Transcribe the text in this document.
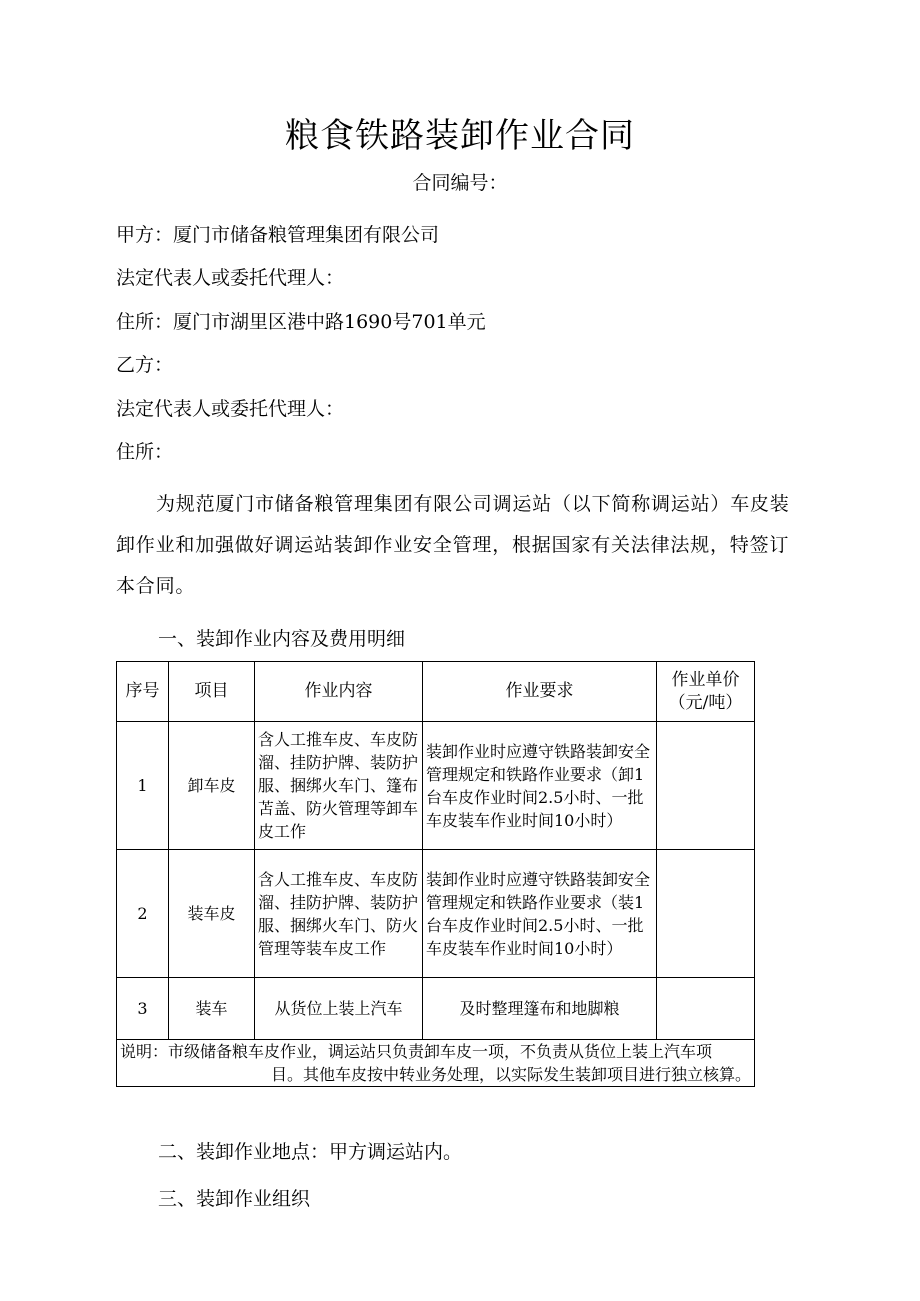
粮食铁路装卸作业合同
合同编号：
甲方：厦门市储备粮管理集团有限公司
法定代表人或委托代理人：
住所：厦门市湖里区港中路1690号701单元
乙方：
法定代表人或委托代理人：
住所：
为规范厦门市储备粮管理集团有限公司调运站（以下简称调运站）车皮装卸作业和加强做好调运站装卸作业安全管理，根据国家有关法律法规，特签订本合同。
一、装卸作业内容及费用明细
序号	项目	作业内容	作业要求	作业单价（元/吨）
1	卸车皮	含人工推车皮、车皮防溜、挂防护牌、装防护服、捆绑火车门、篷布苫盖、防火管理等卸车皮工作	装卸作业时应遵守铁路装卸安全管理规定和铁路作业要求（卸1台车皮作业时间2.5小时、一批车皮装车作业时间10小时）	
2	装车皮	含人工推车皮、车皮防溜、挂防护牌、装防护服、捆绑火车门、防火管理等装车皮工作	装卸作业时应遵守铁路装卸安全管理规定和铁路作业要求（装1台车皮作业时间2.5小时、一批车皮装车作业时间10小时）	
3	装车	从货位上装上汽车	及时整理篷布和地脚粮	

说明：市级储备粮车皮作业，调运站只负责卸车皮一项，不负责从货位上装上汽车项
目。其他车皮按中转业务处理，以实际发生装卸项目进行独立核算。				
二、装卸作业地点：甲方调运站内。
三、装卸作业组织
